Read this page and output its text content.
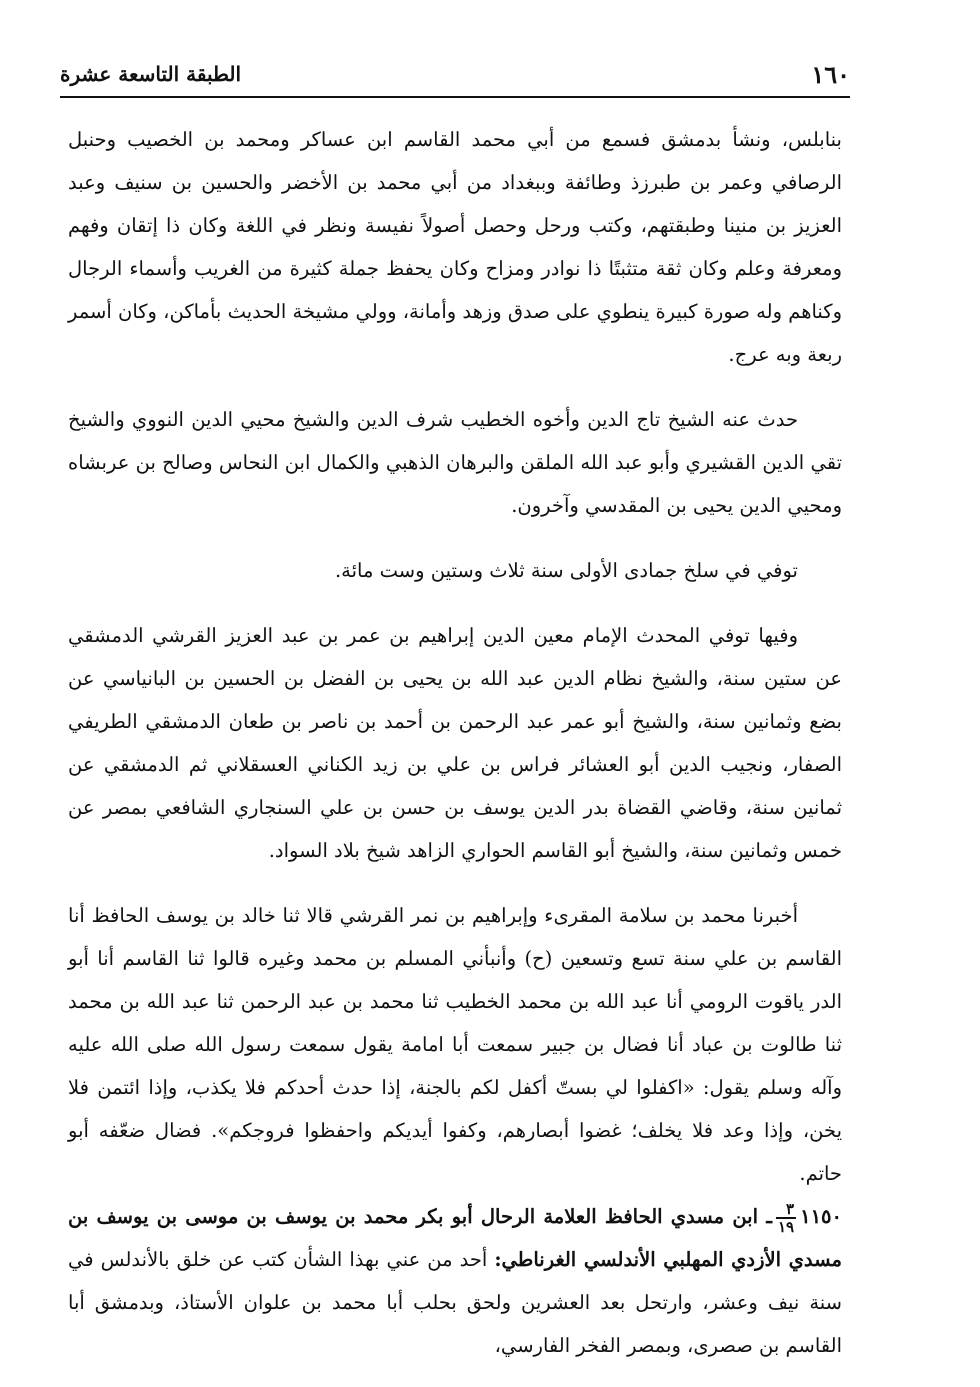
١٦٠
الطبقة التاسعة عشرة

بنابلس، ونشأ بدمشق فسمع من أبي محمد القاسم ابن عساكر ومحمد بن الخصيب وحنبل الرصافي وعمر بن طبرزذ وطائفة وببغداد من أبي محمد بن الأخضر والحسين بن سنيف وعبد العزيز بن منينا وطبقتهم، وكتب ورحل وحصل أصولاً نفيسة ونظر في اللغة وكان ذا إتقان وفهم ومعرفة وعلم وكان ثقة متثبتًا ذا نوادر ومزاح وكان يحفظ جملة كثيرة من الغريب وأسماء الرجال وكناهم وله صورة كبيرة ينطوي على صدق وزهد وأمانة، وولي مشيخة الحديث بأماكن، وكان أسمر ربعة وبه عرج.

حدث عنه الشيخ تاج الدين وأخوه الخطيب شرف الدين والشيخ محيي الدين النووي والشيخ تقي الدين القشيري وأبو عبد الله الملقن والبرهان الذهبي والكمال ابن النحاس وصالح بن عربشاه ومحيي الدين يحيى بن المقدسي وآخرون.

توفي في سلخ جمادى الأولى سنة ثلاث وستين وست مائة.

وفيها توفي المحدث الإمام معين الدين إبراهيم بن عمر بن عبد العزيز القرشي الدمشقي عن ستين سنة، والشيخ نظام الدين عبد الله بن يحيى بن الفضل بن الحسين بن البانياسي عن بضع وثمانين سنة، والشيخ أبو عمر عبد الرحمن بن أحمد بن ناصر بن طعان الدمشقي الطريفي الصفار، ونجيب الدين أبو العشائر فراس بن علي بن زيد الكناني العسقلاني ثم الدمشقي عن ثمانين سنة، وقاضي القضاة بدر الدين يوسف بن حسن بن علي السنجاري الشافعي بمصر عن خمس وثمانين سنة، والشيخ أبو القاسم الحواري الزاهد شيخ بلاد السواد.

أخبرنا محمد بن سلامة المقرىء وإبراهيم بن نمر القرشي قالا ثنا خالد بن يوسف الحافظ أنا القاسم بن علي سنة تسع وتسعين (ح) وأنبأني المسلم بن محمد وغيره قالوا ثنا القاسم أنا أبو الدر ياقوت الرومي أنا عبد الله بن محمد الخطيب ثنا محمد بن عبد الرحمن ثنا عبد الله بن محمد ثنا طالوت بن عباد أنا فضال بن جبير سمعت أبا امامة يقول سمعت رسول الله صلى الله عليه وآله وسلم يقول: «اكفلوا لي بستّ أكفل لكم بالجنة، إذا حدث أحدكم فلا يكذب، وإذا ائتمن فلا يخن، وإذا وعد فلا يخلف؛ غضوا أبصارهم، وكفوا أيديكم واحفظوا فروجكم». فضال ضعّفه أبو حاتم.

١١٥٠
$\frac{٣}{١٩}$
ـ ابن مسدي الحافظ العلامة الرحال أبو بكر محمد بن يوسف بن موسى بن يوسف بن مسدي الأزدي المهلبي الأندلسي الغرناطي: أحد من عني بهذا الشأن كتب عن خلق بالأندلس في سنة نيف وعشر، وارتحل بعد العشرين ولحق بحلب أبا محمد بن علوان الأستاذ، وبدمشق أبا القاسم بن صصرى، وبمصر الفخر الفارسي،
